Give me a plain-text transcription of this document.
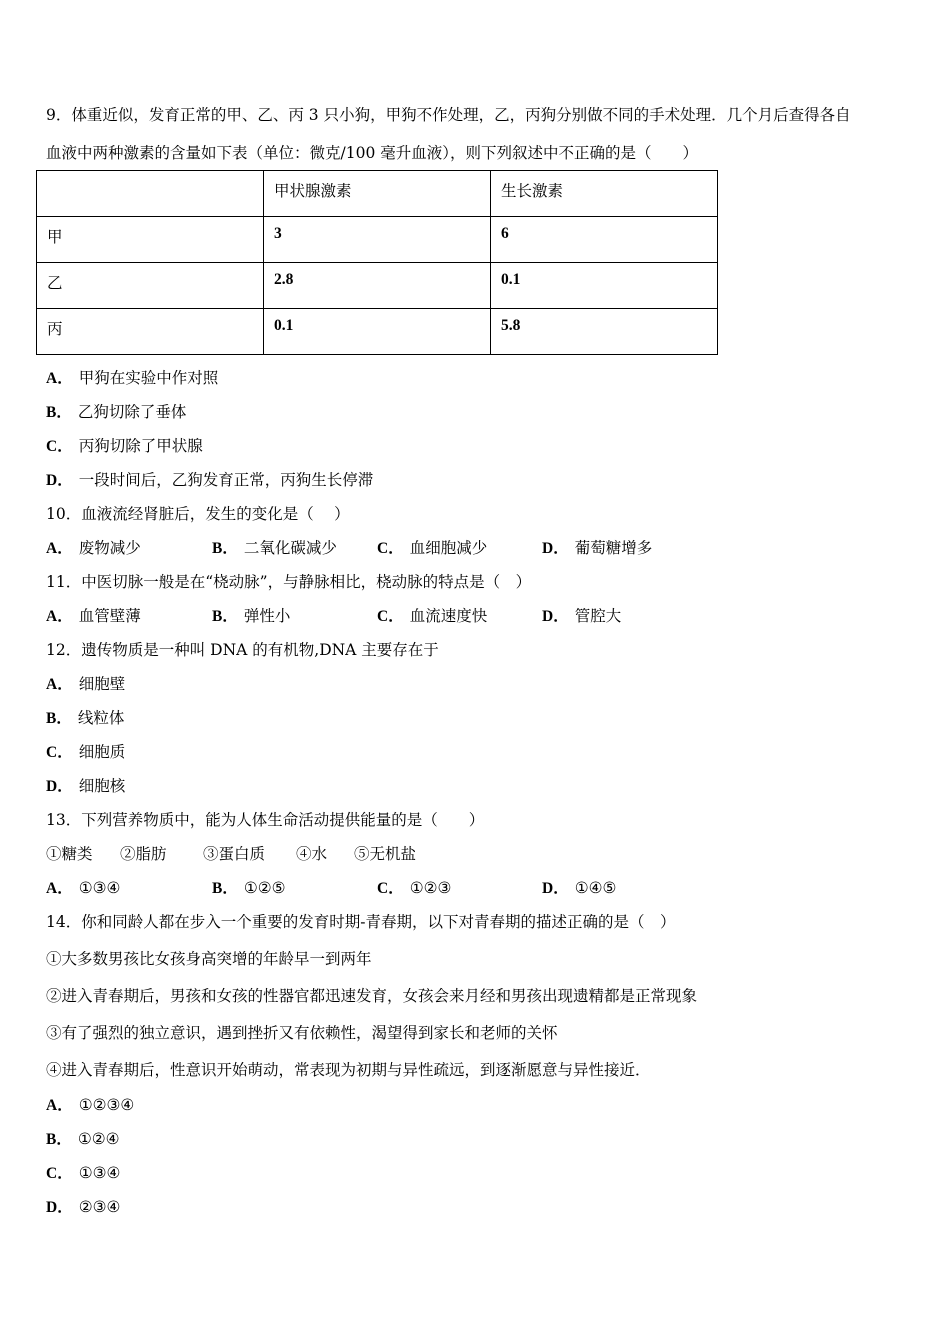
9．体重近似，发育正常的甲、乙、丙 3 只小狗，甲狗不作处理，乙，丙狗分别做不同的手术处理．几个月后查得各自
血液中两种激素的含量如下表（单位：微克/100 毫升血液），则下列叙述中不正确的是（　　）
	甲状腺激素	生长激素
甲	3	6
乙	2.8	0.1
丙	0.1	5.8
A． 甲狗在实验中作对照
B． 乙狗切除了垂体
C． 丙狗切除了甲状腺
D． 一段时间后，乙狗发育正常，丙狗生长停滞
10．血液流经肾脏后，发生的变化是（　 ）
A． 废物减少	B． 二氧化碳减少	C． 血细胞减少	D． 葡萄糖增多
11．中医切脉一般是在“桡动脉”，与静脉相比，桡动脉的特点是（　）
A． 血管壁薄	B． 弹性小	C． 血流速度快	D． 管腔大
12．遗传物质是一种叫 DNA 的有机物,DNA 主要存在于
A． 细胞壁
B． 线粒体
C． 细胞质
D． 细胞核
13．下列营养物质中，能为人体生命活动提供能量的是（　　）
①糖类 ②脂肪 ③蛋白质 ④水 ⑤无机盐
A． ①③④	B． ①②⑤	C． ①②③	D． ①④⑤
14．你和同龄人都在步入一个重要的发育时期-青春期，以下对青春期的描述正确的是（　）
①大多数男孩比女孩身高突增的年龄早一到两年
②进入青春期后，男孩和女孩的性器官都迅速发育，女孩会来月经和男孩出现遗精都是正常现象
③有了强烈的独立意识，遇到挫折又有依赖性，渴望得到家长和老师的关怀
④进入青春期后，性意识开始萌动，常表现为初期与异性疏远，到逐渐愿意与异性接近．
A． ①②③④
B． ①②④
C． ①③④
D． ②③④
